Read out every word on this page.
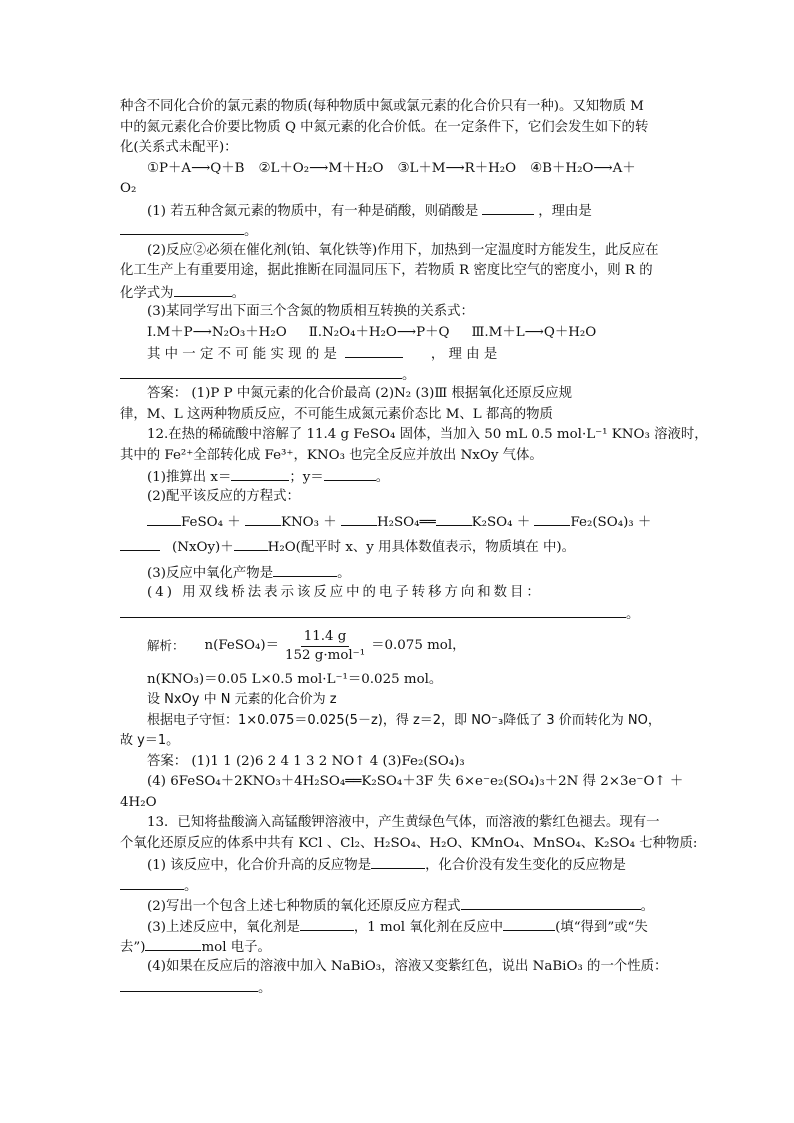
种含不同化合价的氯元素的物质(每种物质中氮或氯元素的化合价只有一种)。又知物质 M
中的氮元素化合价要比物质 Q 中氮元素的化合价低。在一定条件下，它们会发生如下的转
化(关系式未配平)：
①P＋A⟶Q＋B ②L＋O₂⟶M＋H₂O ③L＋M⟶R＋H₂O ④B＋H₂O⟶A＋
O₂
(1) 若五种含氮元素的物质中，有一种是硝酸，则硝酸是	，理由是
。
(2)反应②必须在催化剂(铂、氧化铁等)作用下，加热到一定温度时方能发生，此反应在
化工生产上有重要用途，据此推断在同温同压下，若物质 R 密度比空气的密度小，则 R 的
化学式为	。
(3)某同学写出下面三个含氮的物质相互转换的关系式：
Ⅰ.M＋P⟶N₂O₃＋H₂O Ⅱ.N₂O₄＋H₂O⟶P＋Q Ⅲ.M＋L⟶Q＋H₂O
其 中 一 定 不 可 能 实 现 的 是	， 理 由 是
。
答案： (1)P P 中氮元素的化合价最高 (2)N₂ (3)Ⅲ 根据氧化还原反应规
律，M、L 这两种物质反应，不可能生成氮元素价态比 M、L 都高的物质
12.在热的稀硫酸中溶解了 11.4 g FeSO₄ 固体，当加入 50 mL 0.5 mol·L⁻¹ KNO₃ 溶液时，
其中的 Fe²⁺全部转化成 Fe³⁺，KNO₃ 也完全反应并放出 NxOy 气体。
(1)推算出 x＝	；y＝	。
(2)配平该反应的方程式：
FeSO₄ ＋	KNO₃ ＋	H₂SO₄══	K₂SO₄ ＋	Fe₂(SO₄)₃ ＋
(NxOy)＋	H₂O(配平时 x、y 用具体数值表示，物质填在 中)。
(3)反应中氧化产物是	。
(4) 用双线桥法表示该反应中的电子转移方向和数目：
。
解析： n(FeSO₄)＝ $\frac{11.4 g}{\text{152 g·mol⁻¹}} =0.075$ mol，
n(KNO₃)＝0.05 L×0.5 mol·L⁻¹＝0.025 mol。
设 NxOy 中 N 元素的化合价为 z
根据电子守恒：1×0.075＝0.025(5－z)，得 z＝2，即 NO⁻₃降低了 3 价而转化为 NO，
故 y＝1。
答案： (1)1 1 (2)6 2 4 1 3 2 NO↑ 4 (3)Fe₂(SO₄)₃
(4) 6FeSO₄＋2KNO₃＋4H₂SO₄══K₂SO₄＋3F 失 6×e⁻e₂(SO₄)₃＋2N 得 2×3e⁻O↑ ＋
4H₂O
13．已知将盐酸滴入高锰酸钾溶液中，产生黄绿色气体，而溶液的紫红色褪去。现有一
个氧化还原反应的体系中共有 KCl 、Cl₂、H₂SO₄、H₂O、KMnO₄、MnSO₄、K₂SO₄ 七种物质:
(1) 该反应中，化合价升高的反应物是	，化合价没有发生变化的反应物是
。
(2)写出一个包含上述七种物质的氧化还原反应方程式	。
(3)上述反应中，氧化剂是	，1 mol 氧化剂在反应中	(填“得到”或“失
去”)	mol 电子。
(4)如果在反应后的溶液中加入 NaBiO₃，溶液又变紫红色，说出 NaBiO₃ 的一个性质：
。
